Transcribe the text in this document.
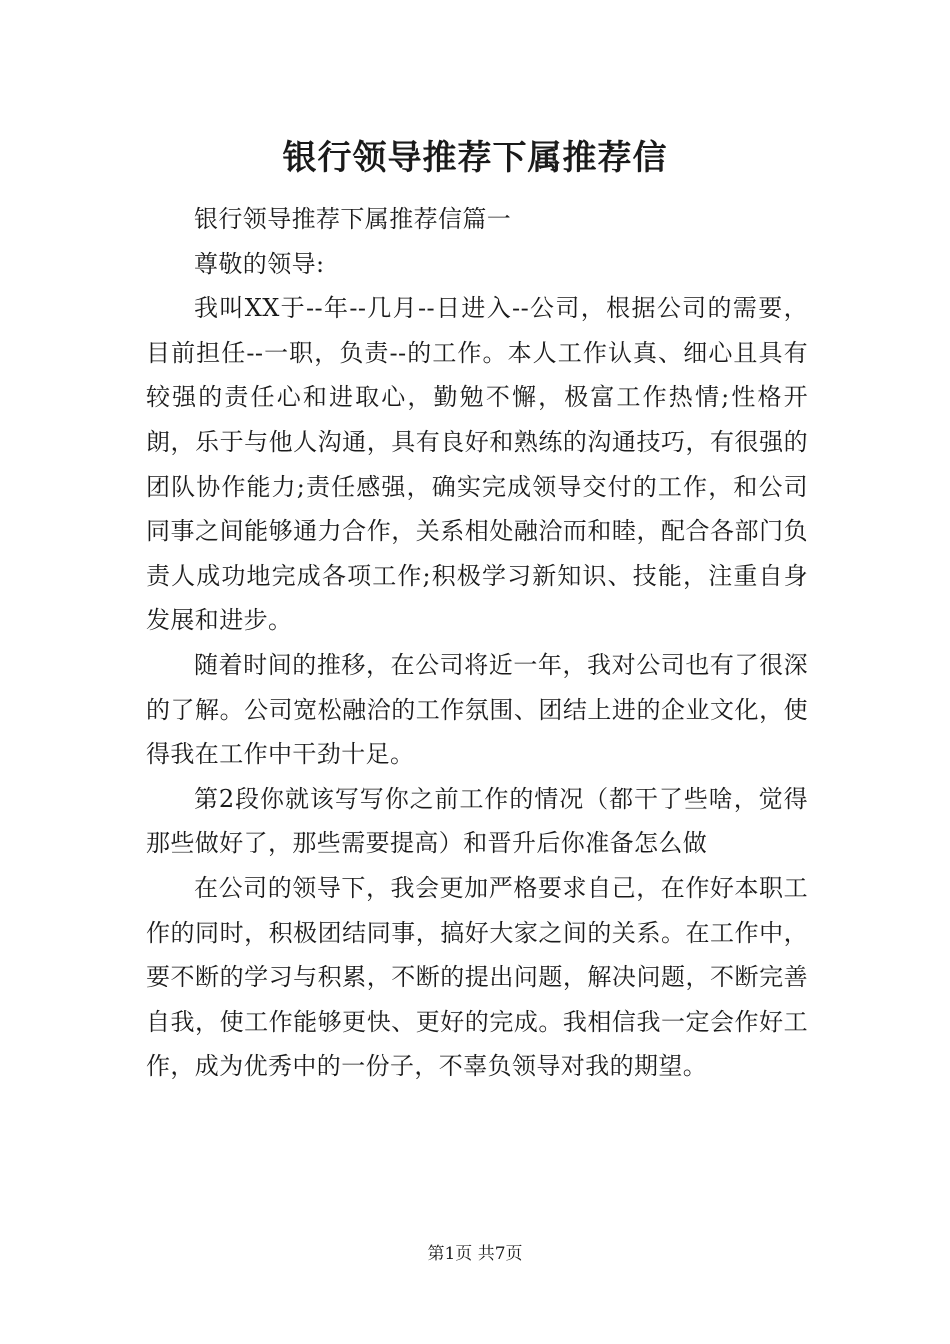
银行领导推荐下属推荐信

银行领导推荐下属推荐信篇一

尊敬的领导:

我叫XX于--年--几月--日进入--公司，根据公司的需要，目前担任--一职，负责--的工作。本人工作认真、细心且具有较强的责任心和进取心，勤勉不懈，极富工作热情;性格开朗，乐于与他人沟通，具有良好和熟练的沟通技巧，有很强的团队协作能力;责任感强，确实完成领导交付的工作，和公司同事之间能够通力合作，关系相处融洽而和睦，配合各部门负责人成功地完成各项工作;积极学习新知识、技能，注重自身发展和进步。

随着时间的推移，在公司将近一年，我对公司也有了很深的了解。公司宽松融洽的工作氛围、团结上进的企业文化，使得我在工作中干劲十足。

第2段你就该写写你之前工作的情况（都干了些啥，觉得那些做好了，那些需要提高）和晋升后你准备怎么做

在公司的领导下，我会更加严格要求自己，在作好本职工作的同时，积极团结同事，搞好大家之间的关系。在工作中，要不断的学习与积累，不断的提出问题，解决问题，不断完善自我，使工作能够更快、更好的完成。我相信我一定会作好工作，成为优秀中的一份子，不辜负领导对我的期望。

第1页 共7页
